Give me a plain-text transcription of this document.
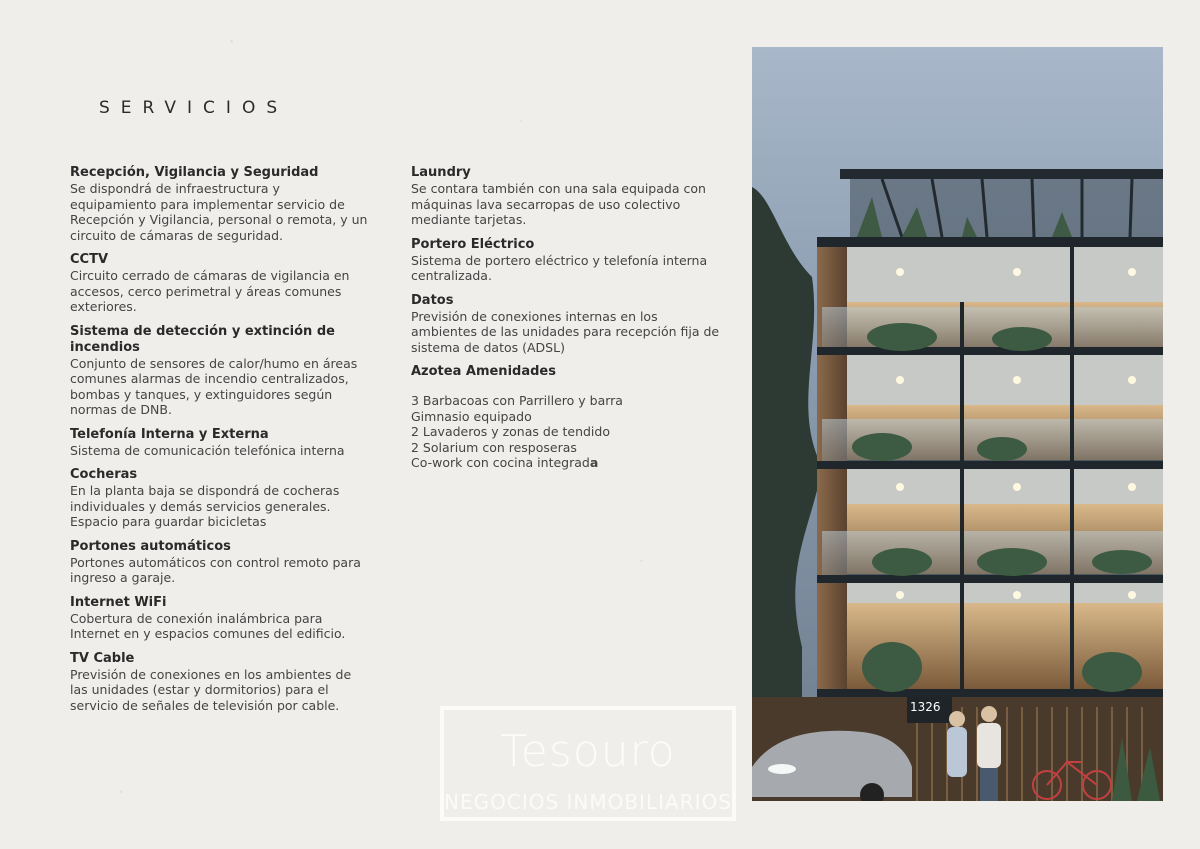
SERVICIOS
Recepción, Vigilancia y Seguridad

Se dispondrá de infraestructura y equipamiento para implementar servicio de Recepción y Vigilancia, personal o remota, y un circuito de cámaras de seguridad.

CCTV

Circuito cerrado de cámaras de vigilancia en accesos, cerco perimetral y áreas comunes exteriores.

Sistema de detección y extinción de incendios

Conjunto de sensores de calor/humo en áreas comunes alarmas de incendio centralizados, bombas y tanques, y extinguidores según normas de DNB.

Telefonía Interna y Externa

Sistema de comunicación telefónica interna

Cocheras

En la planta baja se dispondrá de cocheras individuales y demás servicios generales. Espacio para guardar bicicletas

Portones automáticos

Portones automáticos con control remoto para ingreso a garaje.

Internet WiFi

Cobertura de conexión inalámbrica para Internet en y espacios comunes del edificio.

TV Cable

Previsión de conexiones en los ambientes de las unidades (estar y dormitorios) para el servicio de señales de televisión por cable.

Laundry

Se contara también con una sala equipada con máquinas lava secarropas de uso colectivo mediante tarjetas.

Portero Eléctrico

Sistema de portero eléctrico y telefonía interna centralizada.

Datos

Previsión de conexiones internas en los ambientes de las unidades para recepción fija de sistema de datos (ADSL)

Azotea Amenidades
3 Barbacoas con Parrillero y barra
Gimnasio equipado
2 Lavaderos y zonas de tendido
2 Solarium con resposeras
Co-work con cocina integrada
1326
Tesouro
NEGOCIOS INMOBILIARIOS
